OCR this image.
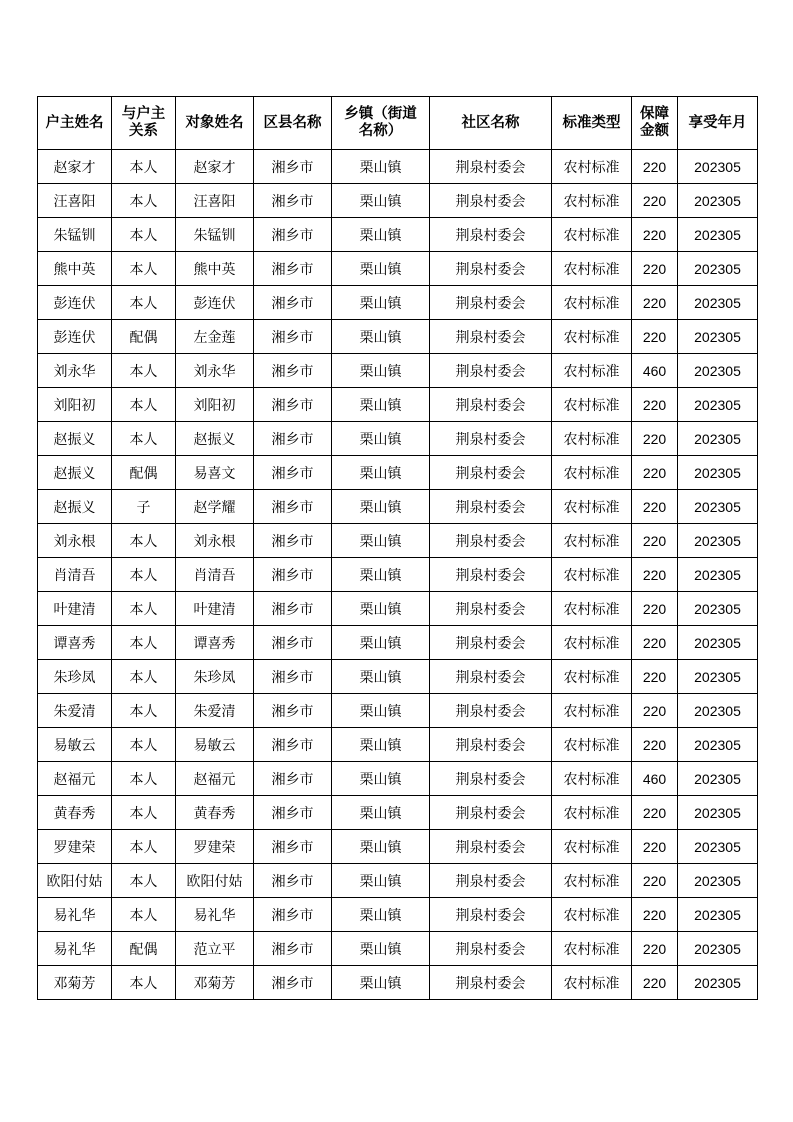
户主姓名	与户主关系	对象姓名	区县名称	乡镇（街道名称）	社区名称	标准类型	保障金额	享受年月
赵家才	本人	赵家才	湘乡市	栗山镇	荆泉村委会	农村标准	220	202305
汪喜阳	本人	汪喜阳	湘乡市	栗山镇	荆泉村委会	农村标准	220	202305
朱锰钏	本人	朱锰钏	湘乡市	栗山镇	荆泉村委会	农村标准	220	202305
熊中英	本人	熊中英	湘乡市	栗山镇	荆泉村委会	农村标准	220	202305
彭连伏	本人	彭连伏	湘乡市	栗山镇	荆泉村委会	农村标准	220	202305
彭连伏	配偶	左金莲	湘乡市	栗山镇	荆泉村委会	农村标准	220	202305
刘永华	本人	刘永华	湘乡市	栗山镇	荆泉村委会	农村标准	460	202305
刘阳初	本人	刘阳初	湘乡市	栗山镇	荆泉村委会	农村标准	220	202305
赵振义	本人	赵振义	湘乡市	栗山镇	荆泉村委会	农村标准	220	202305
赵振义	配偶	易喜文	湘乡市	栗山镇	荆泉村委会	农村标准	220	202305
赵振义	子	赵学耀	湘乡市	栗山镇	荆泉村委会	农村标准	220	202305
刘永根	本人	刘永根	湘乡市	栗山镇	荆泉村委会	农村标准	220	202305
肖清吾	本人	肖清吾	湘乡市	栗山镇	荆泉村委会	农村标准	220	202305
叶建清	本人	叶建清	湘乡市	栗山镇	荆泉村委会	农村标准	220	202305
谭喜秀	本人	谭喜秀	湘乡市	栗山镇	荆泉村委会	农村标准	220	202305
朱珍凤	本人	朱珍凤	湘乡市	栗山镇	荆泉村委会	农村标准	220	202305
朱爱清	本人	朱爱清	湘乡市	栗山镇	荆泉村委会	农村标准	220	202305
易敏云	本人	易敏云	湘乡市	栗山镇	荆泉村委会	农村标准	220	202305
赵福元	本人	赵福元	湘乡市	栗山镇	荆泉村委会	农村标准	460	202305
黄春秀	本人	黄春秀	湘乡市	栗山镇	荆泉村委会	农村标准	220	202305
罗建荣	本人	罗建荣	湘乡市	栗山镇	荆泉村委会	农村标准	220	202305
欧阳付姑	本人	欧阳付姑	湘乡市	栗山镇	荆泉村委会	农村标准	220	202305
易礼华	本人	易礼华	湘乡市	栗山镇	荆泉村委会	农村标准	220	202305
易礼华	配偶	范立平	湘乡市	栗山镇	荆泉村委会	农村标准	220	202305
邓菊芳	本人	邓菊芳	湘乡市	栗山镇	荆泉村委会	农村标准	220	202305
